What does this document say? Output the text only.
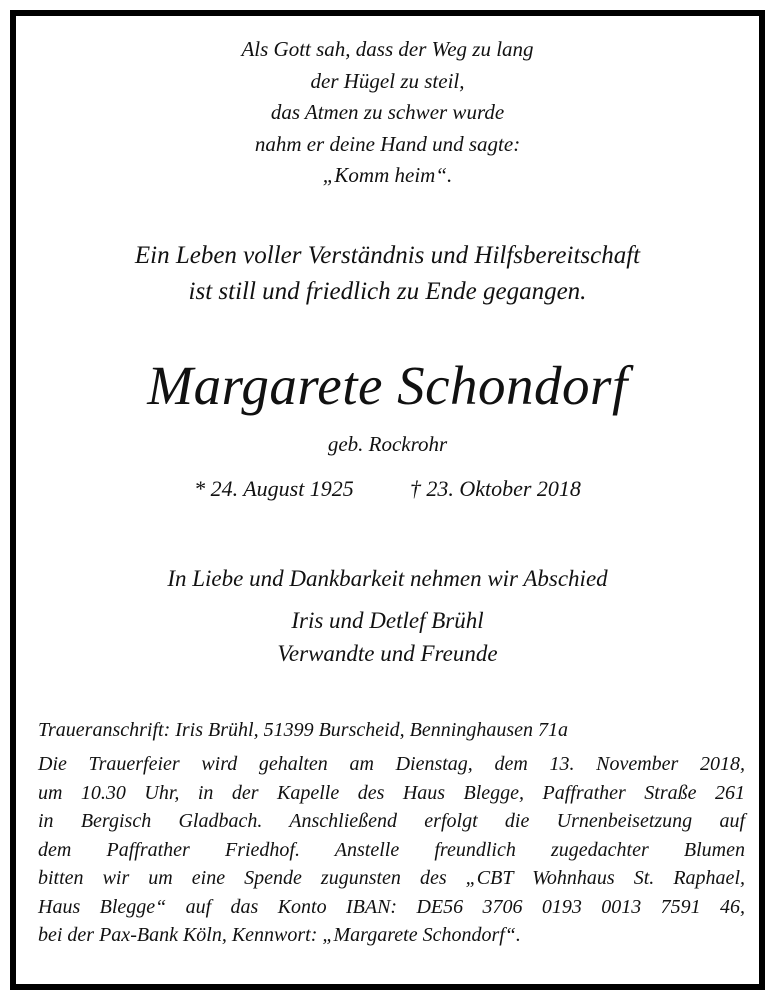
Als Gott sah, dass der Weg zu lang
der Hügel zu steil,
das Atmen zu schwer wurde
nahm er deine Hand und sagte:
„Komm heim“.
Ein Leben voller Verständnis und Hilfsbereitschaft
ist still und friedlich zu Ende gegangen.
Margarete Schondorf
geb. Rockrohr
* 24. August 1925	† 23. Oktober 2018
In Liebe und Dankbarkeit nehmen wir Abschied
Iris und Detlef Brühl
Verwandte und Freunde
Traueranschrift: Iris Brühl, 51399 Burscheid, Benninghausen 71a
Die Trauerfeier wird gehalten am Dienstag, dem 13. November 2018,
um 10.30 Uhr, in der Kapelle des Haus Blegge, Paffrather Straße 261
in Bergisch Gladbach. Anschließend erfolgt die Urnenbeisetzung auf
dem Paffrather Friedhof. Anstelle freundlich zugedachter Blumen
bitten wir um eine Spende zugunsten des „CBT Wohnhaus St. Raphael,
Haus Blegge“ auf das Konto IBAN: DE56 3706 0193 0013 7591 46,
bei der Pax-Bank Köln, Kennwort: „Margarete Schondorf“.
